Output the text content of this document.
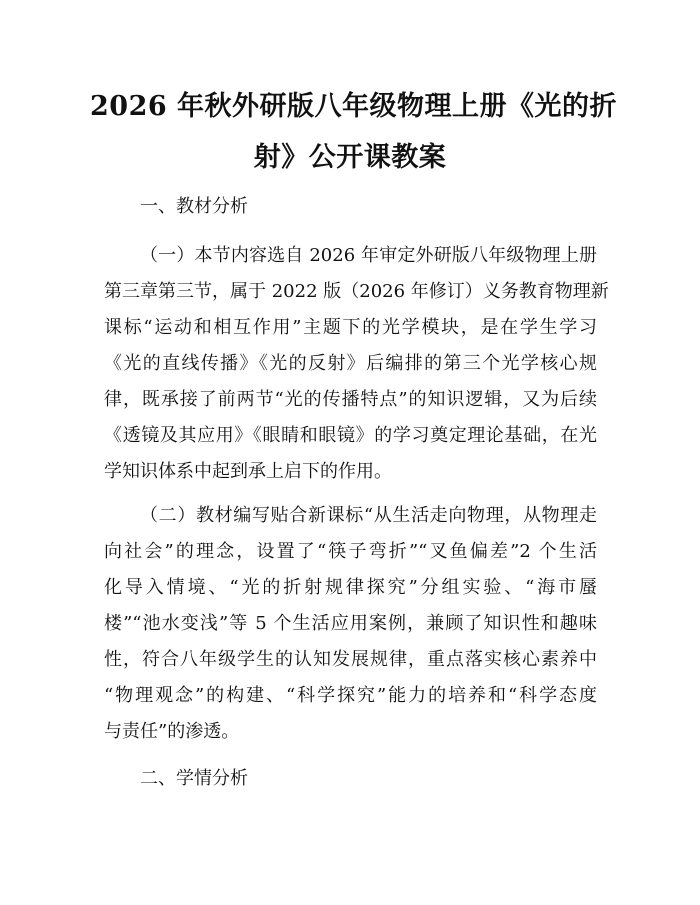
2026 年秋外研版八年级物理上册《光的折
射》公开课教案
一、教材分析
（一）本节内容选自 2026 年审定外研版八年级物理上册
第三章第三节，属于 2022 版（2026 年修订）义务教育物理新
课标“运动和相互作用”主题下的光学模块，是在学生学习
《光的直线传播》《光的反射》后编排的第三个光学核心规
律，既承接了前两节“光的传播特点”的知识逻辑，又为后续
《透镜及其应用》《眼睛和眼镜》的学习奠定理论基础，在光
学知识体系中起到承上启下的作用。
（二）教材编写贴合新课标“从生活走向物理，从物理走
向社会”的理念，设置了“筷子弯折”“叉鱼偏差”2 个生活
化导入情境、“光的折射规律探究”分组实验、“海市蜃
楼”“池水变浅”等 5 个生活应用案例，兼顾了知识性和趣味
性，符合八年级学生的认知发展规律，重点落实核心素养中
“物理观念”的构建、“科学探究”能力的培养和“科学态度
与责任”的渗透。
二、学情分析
